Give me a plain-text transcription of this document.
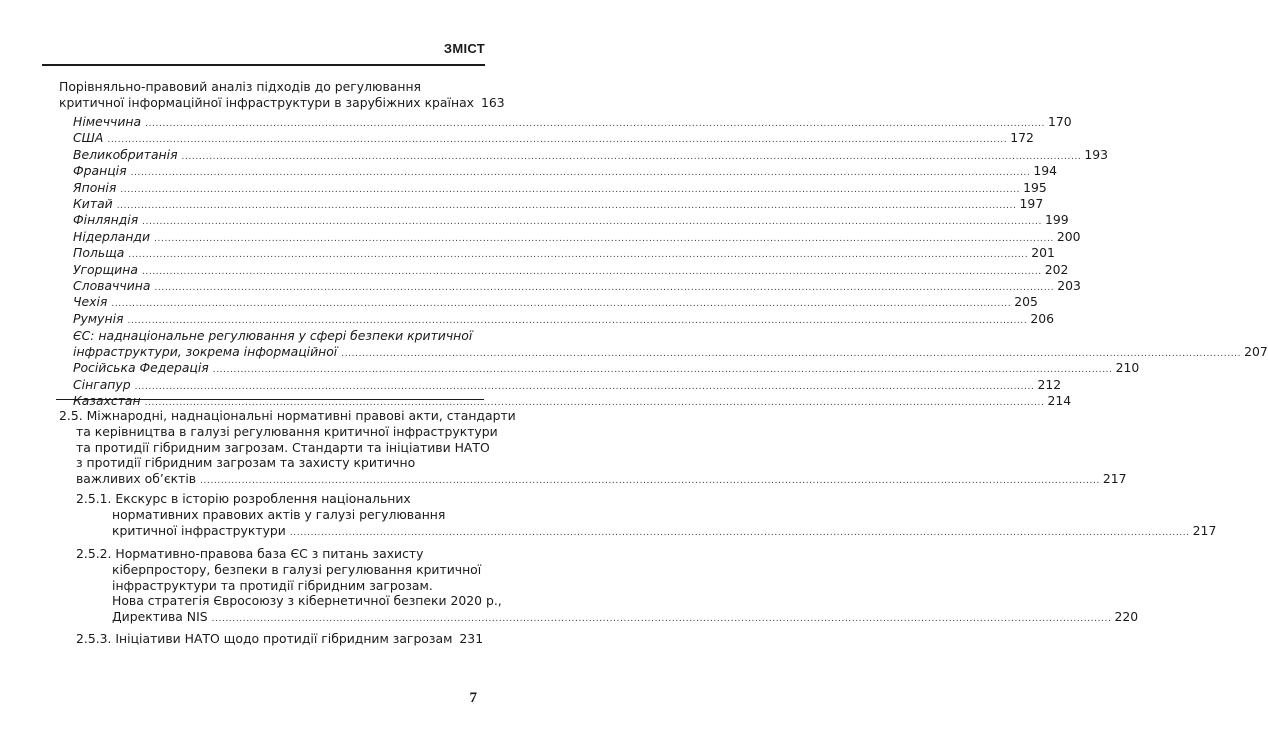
ЗМІСТ
Порівняльно-правовий аналіз підходів до регулювання
критичної інформаційної інфраструктури в зарубіжних країнах 163
Німеччина .................................................................................................................................................................................................................................................................... 170
США .................................................................................................................................................................................................................................................................... 172
Великобританія .................................................................................................................................................................................................................................................................... 193
Франція .................................................................................................................................................................................................................................................................... 194
Японія .................................................................................................................................................................................................................................................................... 195
Китай .................................................................................................................................................................................................................................................................... 197
Фінляндія .................................................................................................................................................................................................................................................................... 199
Нідерланди .................................................................................................................................................................................................................................................................... 200
Польща .................................................................................................................................................................................................................................................................... 201
Угорщина .................................................................................................................................................................................................................................................................... 202
Словаччина .................................................................................................................................................................................................................................................................... 203
Чехія .................................................................................................................................................................................................................................................................... 205
Румунія .................................................................................................................................................................................................................................................................... 206
ЄС: наднаціональне регулювання у сфері безпеки критичної
інфраструктури, зокрема інформаційної .................................................................................................................................................................................................................................................................... 207
Російська Федерація .................................................................................................................................................................................................................................................................... 210
Сінгапур .................................................................................................................................................................................................................................................................... 212
Казахстан .................................................................................................................................................................................................................................................................... 214
2.5. Міжнародні, наднаціональні нормативні правові акти, стандарти
та керівництва в галузі регулювання критичної інфраструктури
та протидії гібридним загрозам. Стандарти та ініціативи НАТО
з протидії гібридним загрозам та захисту критично
важливих об’єктів .................................................................................................................................................................................................................................................................... 217
2.5.1. Екскурс в історію розроблення національних
нормативних правових актів у галузі регулювання
критичної інфраструктури .................................................................................................................................................................................................................................................................... 217
2.5.2. Нормативно-правова база ЄС з питань захисту
кіберпростору, безпеки в галузі регулювання критичної
інфраструктури та протидії гібридним загрозам.
Нова стратегія Євросоюзу з кібернетичної безпеки 2020 р.,
Директива NIS .................................................................................................................................................................................................................................................................... 220
2.5.3. Ініціативи НАТО щодо протидії гібридним загрозам 231
7
